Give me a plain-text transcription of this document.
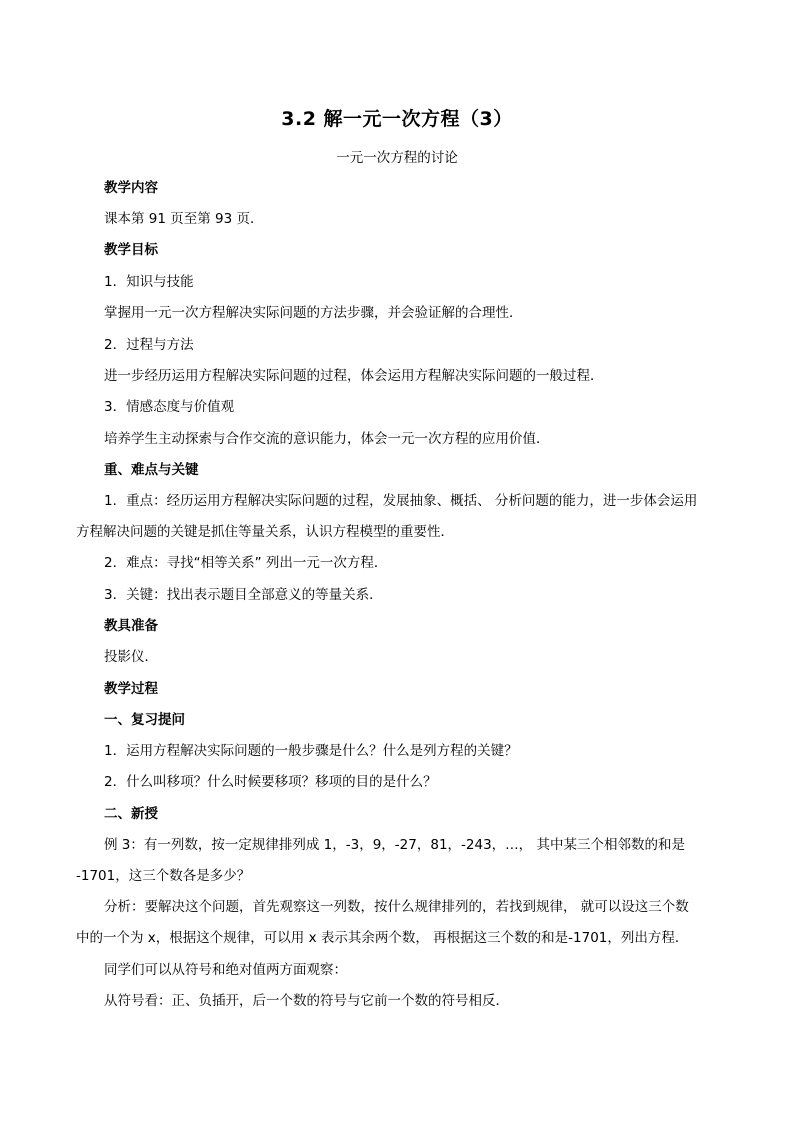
3.2 解一元一次方程（3）
一元一次方程的讨论
教学内容
课本第 91 页至第 93 页．
教学目标
1．知识与技能
掌握用一元一次方程解决实际问题的方法步骤，并会验证解的合理性．
2．过程与方法
进一步经历运用方程解决实际问题的过程，体会运用方程解决实际问题的一般过程．
3．情感态度与价值观
培养学生主动探索与合作交流的意识能力，体会一元一次方程的应用价值．
重、难点与关键
1．重点：经历运用方程解决实际问题的过程，发展抽象、概括、 分析问题的能力，进一步体会运用
方程解决问题的关键是抓住等量关系，认识方程模型的重要性．
2．难点：寻找“相等关系” 列出一元一次方程．
3．关键：找出表示题目全部意义的等量关系．
教具准备
投影仪．
教学过程
一、复习提问
1．运用方程解决实际问题的一般步骤是什么？什么是列方程的关键？
2．什么叫移项？什么时候要移项？移项的目的是什么？
二、新授
例 3：有一列数，按一定规律排列成 1，-3，9，-27，81，-243，…， 其中某三个相邻数的和是
-1701，这三个数各是多少？
分析：要解决这个问题，首先观察这一列数，按什么规律排列的，若找到规律， 就可以设这三个数
中的一个为 x，根据这个规律，可以用 x 表示其余两个数， 再根据这三个数的和是-1701，列出方程．
同学们可以从符号和绝对值两方面观察：
从符号看：正、负插开，后一个数的符号与它前一个数的符号相反．
